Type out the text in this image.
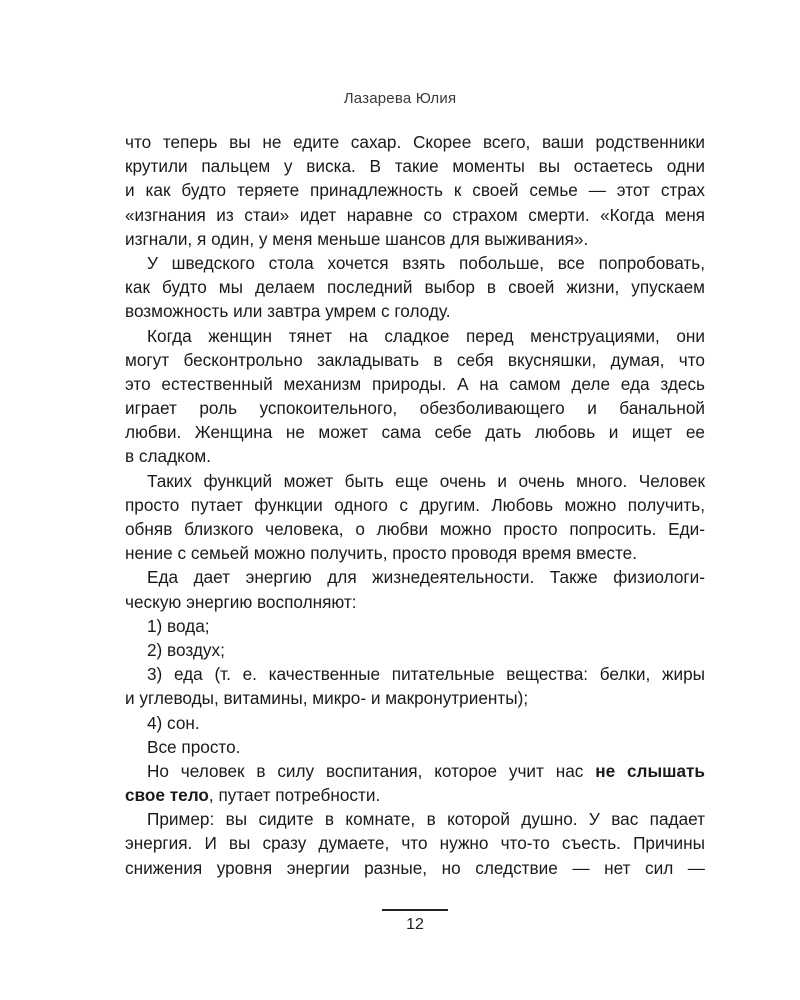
Лазарева Юлия
что теперь вы не едите сахар. Скорее всего, ваши родственники
крутили пальцем у виска. В такие моменты вы остаетесь одни
и как будто теряете принадлежность к своей семье — этот страх
«изгнания из стаи» идет наравне со страхом смерти. «Когда меня
изгнали, я один, у меня меньше шансов для выживания».
У шведского стола хочется взять побольше, все попробовать,
как будто мы делаем последний выбор в своей жизни, упускаем
возможность или завтра умрем с голоду.
Когда женщин тянет на сладкое перед менструациями, они
могут бесконтрольно закладывать в себя вкусняшки, думая, что
это естественный механизм природы. А на самом деле еда здесь
играет роль успокоительного, обезболивающего и банальной
любви. Женщина не может сама себе дать любовь и ищет ее
в сладком.
Таких функций может быть еще очень и очень много. Человек
просто путает функции одного с другим. Любовь можно получить,
обняв близкого человека, о любви можно просто попросить. Еди-
нение с семьей можно получить, просто проводя время вместе.
Еда дает энергию для жизнедеятельности. Также физиологи-
ческую энергию восполняют:
1) вода;
2) воздух;
3) еда (т. е. качественные питательные вещества: белки, жиры
и углеводы, витамины, микро- и макронутриенты);
4) сон.
Все просто.
Но человек в силу воспитания, которое учит нас не слышать
свое тело, путает потребности.
Пример: вы сидите в комнате, в которой душно. У вас падает
энергия. И вы сразу думаете, что нужно что-то съесть. Причины
снижения уровня энергии разные, но следствие — нет сил —
12
